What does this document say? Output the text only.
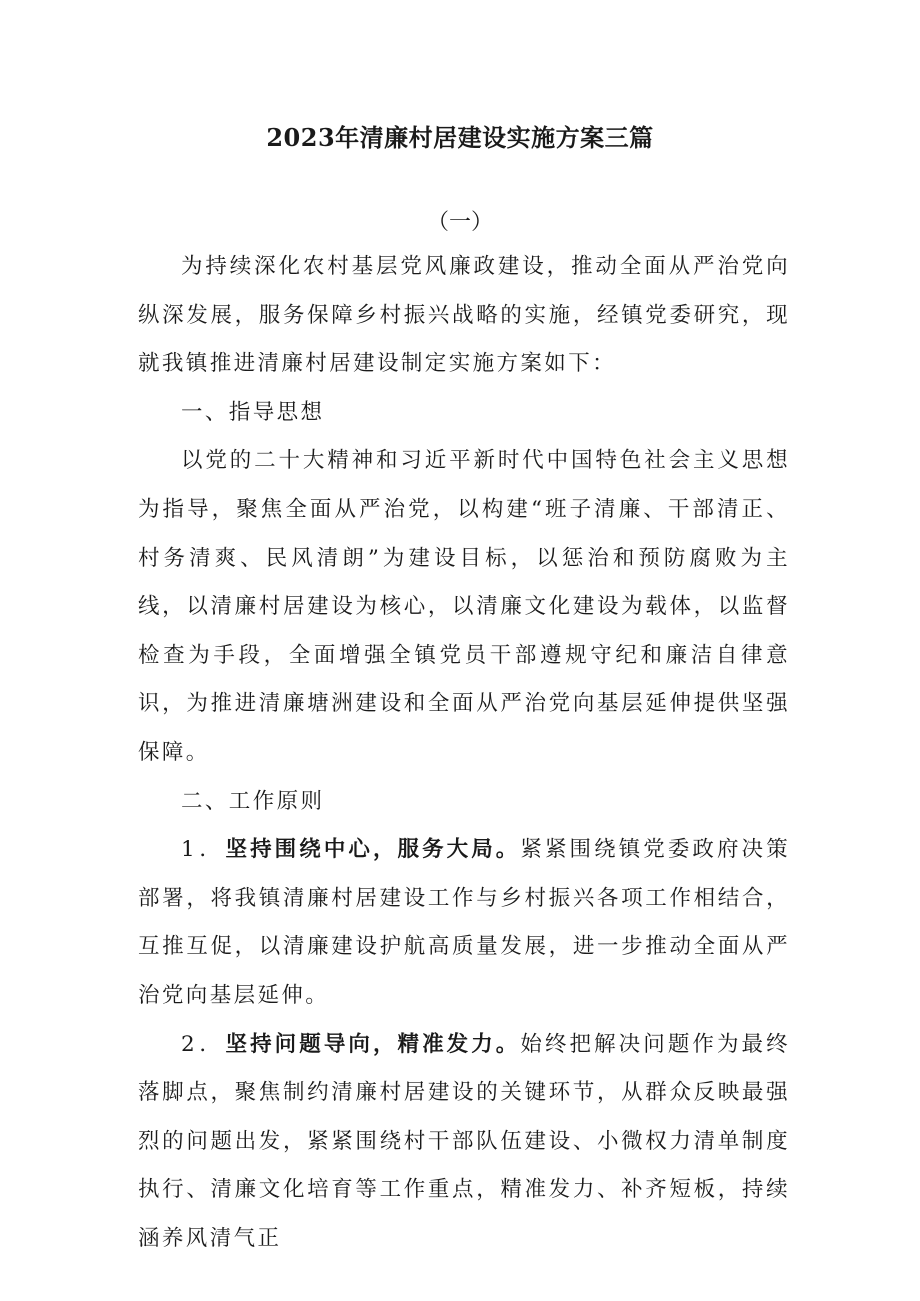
2023年清廉村居建设实施方案三篇
（一）

为持续深化农村基层党风廉政建设，推动全面从严治党向纵深发展，服务保障乡村振兴战略的实施，经镇党委研究，现就我镇推进清廉村居建设制定实施方案如下：

一、指导思想

以党的二十大精神和习近平新时代中国特色社会主义思想为指导，聚焦全面从严治党，以构建“班子清廉、干部清正、村务清爽、民风清朗”为建设目标，以惩治和预防腐败为主线，以清廉村居建设为核心，以清廉文化建设为载体，以监督检查为手段，全面增强全镇党员干部遵规守纪和廉洁自律意识，为推进清廉塘洲建设和全面从严治党向基层延伸提供坚强保障。

二、工作原则

1．坚持围绕中心，服务大局。紧紧围绕镇党委政府决策部署，将我镇清廉村居建设工作与乡村振兴各项工作相结合，互推互促，以清廉建设护航高质量发展，进一步推动全面从严治党向基层延伸。

2．坚持问题导向，精准发力。始终把解决问题作为最终落脚点，聚焦制约清廉村居建设的关键环节，从群众反映最强烈的问题出发，紧紧围绕村干部队伍建设、小微权力清单制度执行、清廉文化培育等工作重点，精准发力、补齐短板，持续涵养风清气正
